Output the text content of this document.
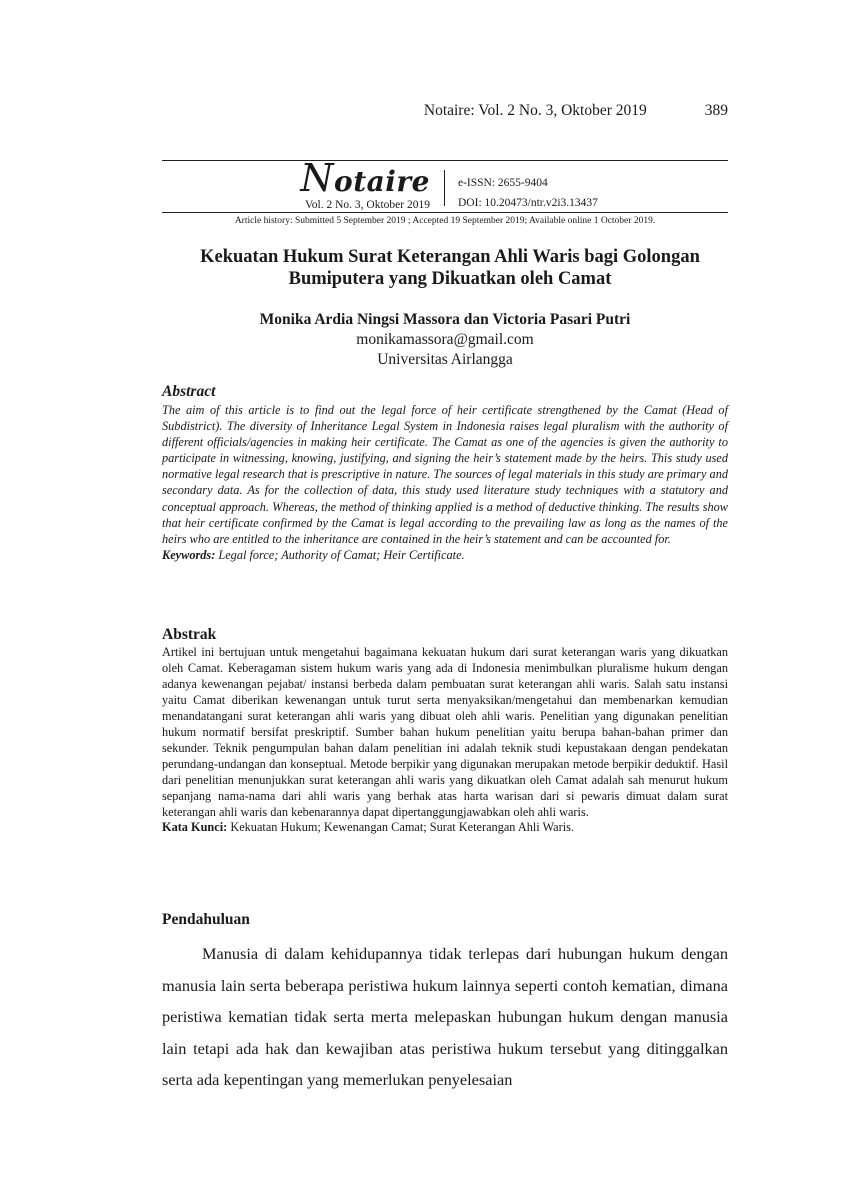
Notaire: Vol. 2 No. 3, Oktober 2019	389
Notaire
Vol. 2 No. 3, Oktober 2019
e-ISSN: 2655-9404
DOI: 10.20473/ntr.v2i3.13437
Article history: Submitted 5 September 2019 ; Accepted 19 September 2019; Available online 1 October 2019.
Kekuatan Hukum Surat Keterangan Ahli Waris bagi Golongan Bumiputera yang Dikuatkan oleh Camat
Monika Ardia Ningsi Massora dan Victoria Pasari Putri
monikamassora@gmail.com
Universitas Airlangga
Abstract
The aim of this article is to find out the legal force of heir certificate strengthened by the Camat (Head of Subdistrict). The diversity of Inheritance Legal System in Indonesia raises legal pluralism with the authority of different officials/agencies in making heir certificate. The Camat as one of the agencies is given the authority to participate in witnessing, knowing, justifying, and signing the heir’s statement made by the heirs. This study used normative legal research that is prescriptive in nature. The sources of legal materials in this study are primary and secondary data. As for the collection of data, this study used literature study techniques with a statutory and conceptual approach. Whereas, the method of thinking applied is a method of deductive thinking. The results show that heir certificate confirmed by the Camat is legal according to the prevailing law as long as the names of the heirs who are entitled to the inheritance are contained in the heir’s statement and can be accounted for.
Keywords: Legal force; Authority of Camat; Heir Certificate.
Abstrak
Artikel ini bertujuan untuk mengetahui bagaimana kekuatan hukum dari surat keterangan waris yang dikuatkan oleh Camat. Keberagaman sistem hukum waris yang ada di Indonesia menimbulkan pluralisme hukum dengan adanya kewenangan pejabat/ instansi berbeda dalam pembuatan surat keterangan ahli waris. Salah satu instansi yaitu Camat diberikan kewenangan untuk turut serta menyaksikan/mengetahui dan membenarkan kemudian menandatangani surat keterangan ahli waris yang dibuat oleh ahli waris. Penelitian yang digunakan penelitian hukum normatif bersifat preskriptif. Sumber bahan hukum penelitian yaitu berupa bahan-bahan primer dan sekunder. Teknik pengumpulan bahan dalam penelitian ini adalah teknik studi kepustakaan dengan pendekatan perundang-undangan dan konseptual. Metode berpikir yang digunakan merupakan metode berpikir deduktif. Hasil dari penelitian menunjukkan surat keterangan ahli waris yang dikuatkan oleh Camat adalah sah menurut hukum sepanjang nama-nama dari ahli waris yang berhak atas harta warisan dari si pewaris dimuat dalam surat keterangan ahli waris dan kebenarannya dapat dipertanggungjawabkan oleh ahli waris.
Kata Kunci: Kekuatan Hukum; Kewenangan Camat; Surat Keterangan Ahli Waris.
Pendahuluan

Manusia di dalam kehidupannya tidak terlepas dari hubungan hukum dengan manusia lain serta beberapa peristiwa hukum lainnya seperti contoh kematian, dimana peristiwa kematian tidak serta merta melepaskan hubungan hukum dengan manusia lain tetapi ada hak dan kewajiban atas peristiwa hukum tersebut yang ditinggalkan serta ada kepentingan yang memerlukan penyelesaian
